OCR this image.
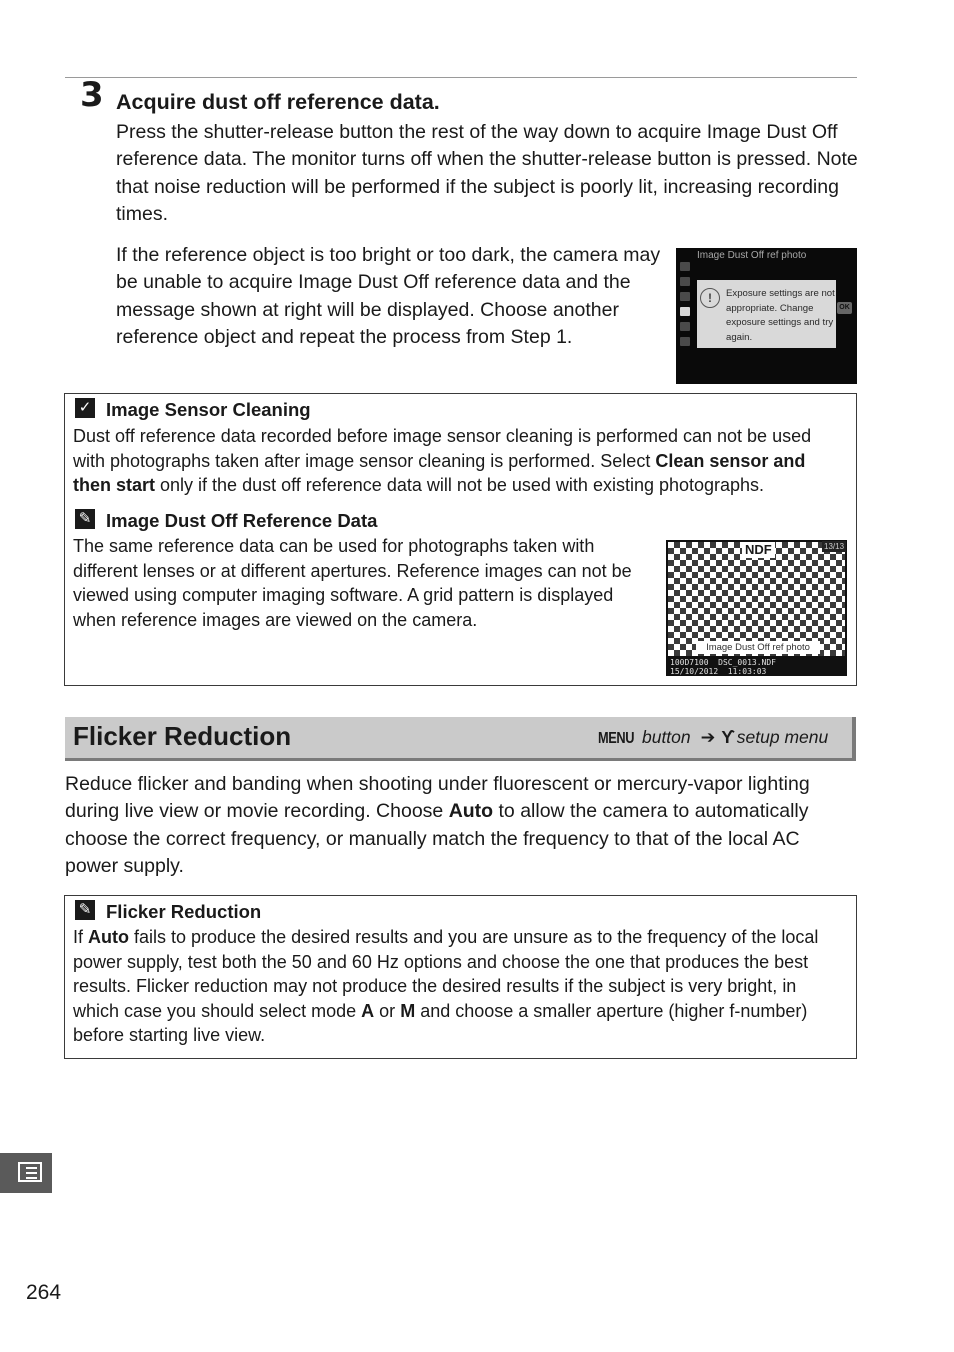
3 Acquire dust off reference data.
Press the shutter-release button the rest of the way down to acquire Image Dust Off reference data. The monitor turns off when the shutter-release button is pressed. Note that noise reduction will be performed if the subject is poorly lit, increasing recording times.
If the reference object is too bright or too dark, the camera may be unable to acquire Image Dust Off reference data and the message shown at right will be displayed. Choose another reference object and repeat the process from Step 1.
Image Dust Off ref photo
!	Exposure settings are not appropriate. Change exposure settings and try again.
OK
✓ Image Sensor Cleaning
Dust off reference data recorded before image sensor cleaning is performed can not be used with photographs taken after image sensor cleaning is performed. Select Clean sensor and then start only if the dust off reference data will not be used with existing photographs.
✎ Image Dust Off Reference Data
The same reference data can be used for photographs taken with different lenses or at different apertures. Reference images can not be viewed using computer imaging software. A grid pattern is displayed when reference images are viewed on the camera.
NDF	13/13
Image Dust Off ref photo
100D7100  DSC_0013.NDF
15/10/2012  11:03:03
Flicker Reduction	MENU button ➔ ϒ setup menu
Reduce flicker and banding when shooting under fluorescent or mercury-vapor lighting during live view or movie recording. Choose Auto to allow the camera to automatically choose the correct frequency, or manually match the frequency to that of the local AC power supply.
✎ Flicker Reduction
If Auto fails to produce the desired results and you are unsure as to the frequency of the local power supply, test both the 50 and 60 Hz options and choose the one that produces the best results. Flicker reduction may not produce the desired results if the subject is very bright, in which case you should select mode A or M and choose a smaller aperture (higher f-number) before starting live view.
264
